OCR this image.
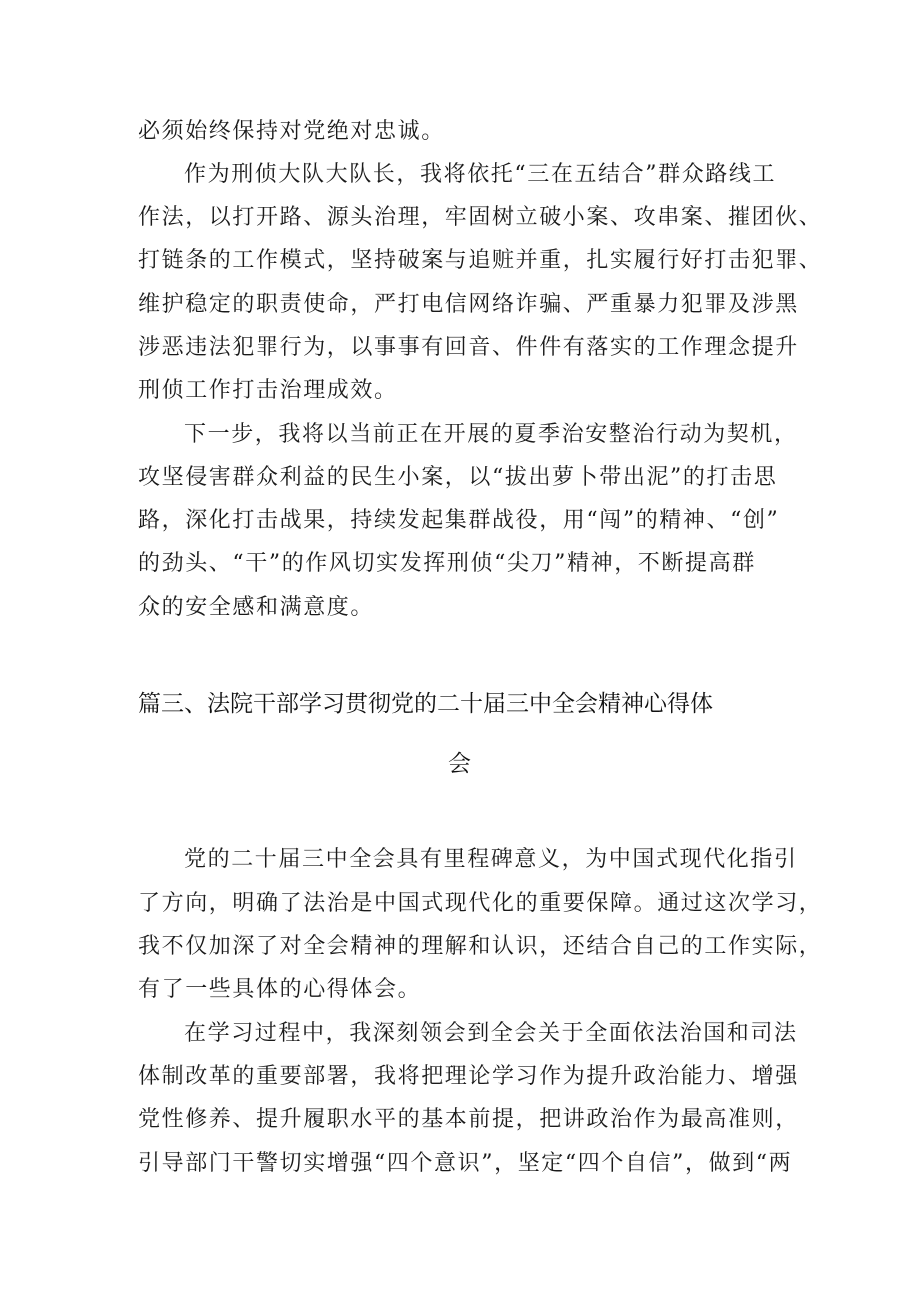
必须始终保持对党绝对忠诚。
作为刑侦大队大队长，我将依托“三在五结合”群众路线工
作法，以打开路、源头治理，牢固树立破小案、攻串案、摧团伙、
打链条的工作模式，坚持破案与追赃并重，扎实履行好打击犯罪、
维护稳定的职责使命，严打电信网络诈骗、严重暴力犯罪及涉黑
涉恶违法犯罪行为，以事事有回音、件件有落实的工作理念提升
刑侦工作打击治理成效。
下一步，我将以当前正在开展的夏季治安整治行动为契机，
攻坚侵害群众利益的民生小案，以“拔出萝卜带出泥”的打击思
路，深化打击战果，持续发起集群战役，用“闯”的精神、“创”
的劲头、“干”的作风切实发挥刑侦“尖刀”精神，不断提高群
众的安全感和满意度。
篇三、法院干部学习贯彻党的二十届三中全会精神心得体
会
党的二十届三中全会具有里程碑意义，为中国式现代化指引
了方向，明确了法治是中国式现代化的重要保障。通过这次学习，
我不仅加深了对全会精神的理解和认识，还结合自己的工作实际，
有了一些具体的心得体会。
在学习过程中，我深刻领会到全会关于全面依法治国和司法
体制改革的重要部署，我将把理论学习作为提升政治能力、增强
党性修养、提升履职水平的基本前提，把讲政治作为最高准则，
引导部门干警切实增强“四个意识”，坚定“四个自信”，做到“两
